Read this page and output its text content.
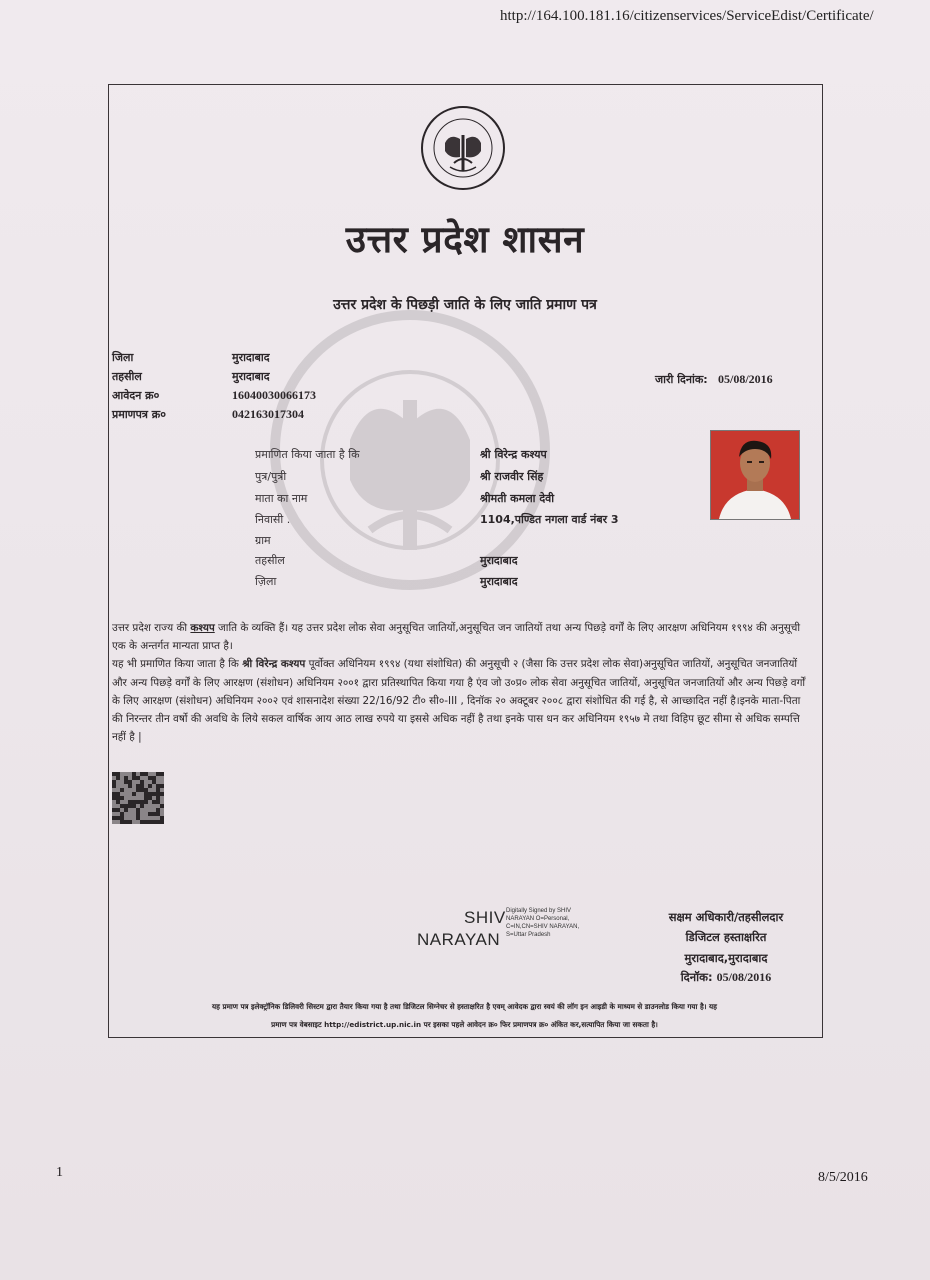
http://164.100.181.16/citizenservices/ServiceEdist/Certificate/
उत्तर प्रदेश शासन
उत्तर प्रदेश के पिछड़ी जाति के लिए जाति प्रमाण पत्र
जिला	मुरादाबाद
तहसील	मुरादाबाद
आवेदन क्र०	16040030066173
प्रमाणपत्र क्र०	042163017304
जारी दिनांक: 05/08/2016
प्रमाणित किया जाता है कि	श्री विरेन्द्र कश्यप
पुत्र/पुत्री	श्री राजवीर सिंह
माता का नाम	श्रीमती कमला देवी
निवासी .	1104,पण्डित नगला वार्ड नंबर 3
ग्राम
तहसील	मुरादाबाद
ज़िला	मुरादाबाद

उत्तर प्रदेश राज्य की कश्यप जाति के व्यक्ति हैं। यह उत्तर प्रदेश लोक सेवा अनुसूचित जातियों,अनुसूचित जन जातियों तथा अन्य पिछड़े वर्गों के लिए आरक्षण अधिनियम १९९४ की अनुसूची एक के अन्तर्गत मान्यता प्राप्त है।

यह भी प्रमाणित किया जाता है कि श्री विरेन्द्र कश्यप पूर्वोक्त अधिनियम १९९४ (यथा संशोधित) की अनुसूची २ (जैसा कि उत्तर प्रदेश लोक सेवा)अनुसूचित जातियों, अनुसूचित जनजातियों और अन्य पिछड़े वर्गों के लिए आरक्षण (संशोधन) अधिनियम २००१ द्वारा प्रतिस्थापित किया गया है एंव जो उ०प्र० लोक सेवा अनुसूचित जातियों, अनुसूचित जनजातियों और अन्य पिछड़े वर्गों के लिए आरक्षण (संशोधन) अधिनियम २००२ एवं शासनादेश संख्या 22/16/92 टी० सी०-III , दिनॉक २० अक्टूबर २००८ द्वारा संशोधित की गई है, से आच्छादित नहीं है।इनके माता-पिता की निरन्तर तीन वर्षो की अवधि के लिये सकल वार्षिक आय आठ लाख रुपये या इससे अधिक नहीं है तथा इनके पास धन कर अधिनियम १९५७ मे तथा विहिप छूट सीमा से अधिक सम्पत्ति नहीं है |

SHIV
NARAYAN
Digitally Signed by SHIV
NARAYAN O=Personal,
C=IN,CN=SHIV NARAYAN,
S=Uttar Pradesh
सक्षम अधिकारी/तहसीलदार
डिजिटल हस्ताक्षरित
मुरादाबाद,मुरादाबाद
दिनॉक: 05/08/2016

यह प्रमाण पत्र इलेक्ट्रॉनिक डिलिवरी सिस्टम द्वारा तैयार किया गया है तथा डिजिटल सिग्नेचर से हस्ताक्षरित है एवम् आवेदक द्वारा स्वयं की लॉग इन आइडी के माध्यम से डाउनलोड किया गया है। यह

प्रमाण पत्र वेबसाइट http://edistrict.up.nic.in पर इसका पहले आवेदन क्र० फिर प्रमाणपत्र क्र० अंकित कर,सत्यापित किया जा सकता है।

1	8/5/2016
